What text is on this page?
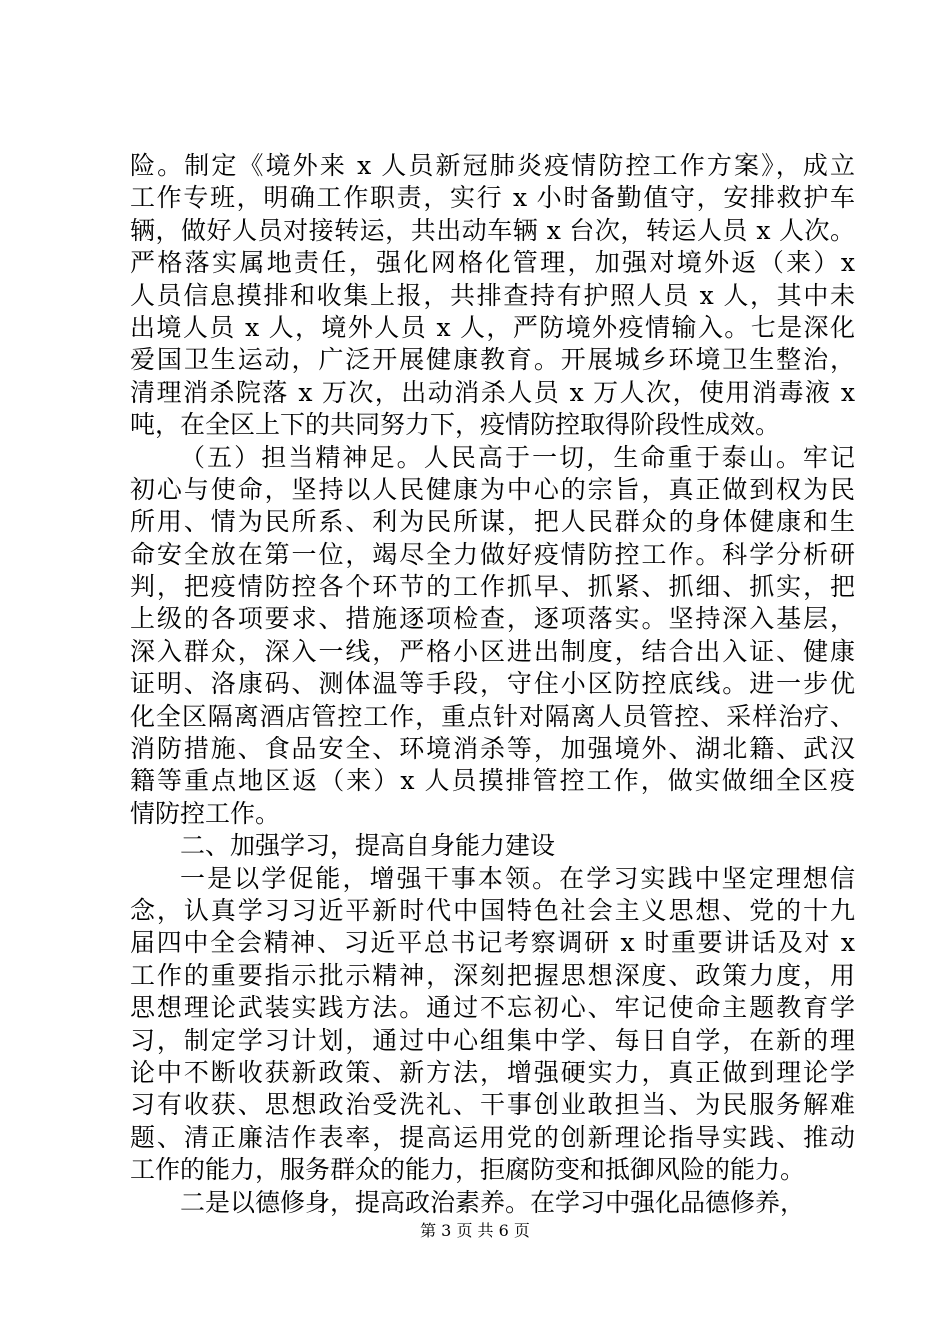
险。制定《境外来 x 人员新冠肺炎疫情防控工作方案》，成立
工作专班，明确工作职责，实行 x 小时备勤值守，安排救护车
辆，做好人员对接转运，共出动车辆 x 台次，转运人员 x 人次。
严格落实属地责任，强化网格化管理，加强对境外返（来）x
人员信息摸排和收集上报，共排查持有护照人员 x 人，其中未
出境人员 x 人，境外人员 x 人，严防境外疫情输入。七是深化
爱国卫生运动，广泛开展健康教育。开展城乡环境卫生整治，
清理消杀院落 x 万次，出动消杀人员 x 万人次，使用消毒液 x
吨，在全区上下的共同努力下，疫情防控取得阶段性成效。
（五）担当精神足。人民高于一切，生命重于泰山。牢记
初心与使命，坚持以人民健康为中心的宗旨，真正做到权为民
所用、情为民所系、利为民所谋，把人民群众的身体健康和生
命安全放在第一位，竭尽全力做好疫情防控工作。科学分析研
判，把疫情防控各个环节的工作抓早、抓紧、抓细、抓实，把
上级的各项要求、措施逐项检查，逐项落实。坚持深入基层，
深入群众，深入一线，严格小区进出制度，结合出入证、健康
证明、洛康码、测体温等手段，守住小区防控底线。进一步优
化全区隔离酒店管控工作，重点针对隔离人员管控、采样治疗、
消防措施、食品安全、环境消杀等，加强境外、湖北籍、武汉
籍等重点地区返（来）x 人员摸排管控工作，做实做细全区疫
情防控工作。
二、加强学习，提高自身能力建设
一是以学促能，增强干事本领。在学习实践中坚定理想信
念，认真学习习近平新时代中国特色社会主义思想、党的十九
届四中全会精神、习近平总书记考察调研 x 时重要讲话及对 x
工作的重要指示批示精神，深刻把握思想深度、政策力度，用
思想理论武装实践方法。通过不忘初心、牢记使命主题教育学
习，制定学习计划，通过中心组集中学、每日自学，在新的理
论中不断收获新政策、新方法，增强硬实力，真正做到理论学
习有收获、思想政治受洗礼、干事创业敢担当、为民服务解难
题、清正廉洁作表率，提高运用党的创新理论指导实践、推动
工作的能力，服务群众的能力，拒腐防变和抵御风险的能力。
二是以德修身，提高政治素养。在学习中强化品德修养，
第 3 页 共 6 页
